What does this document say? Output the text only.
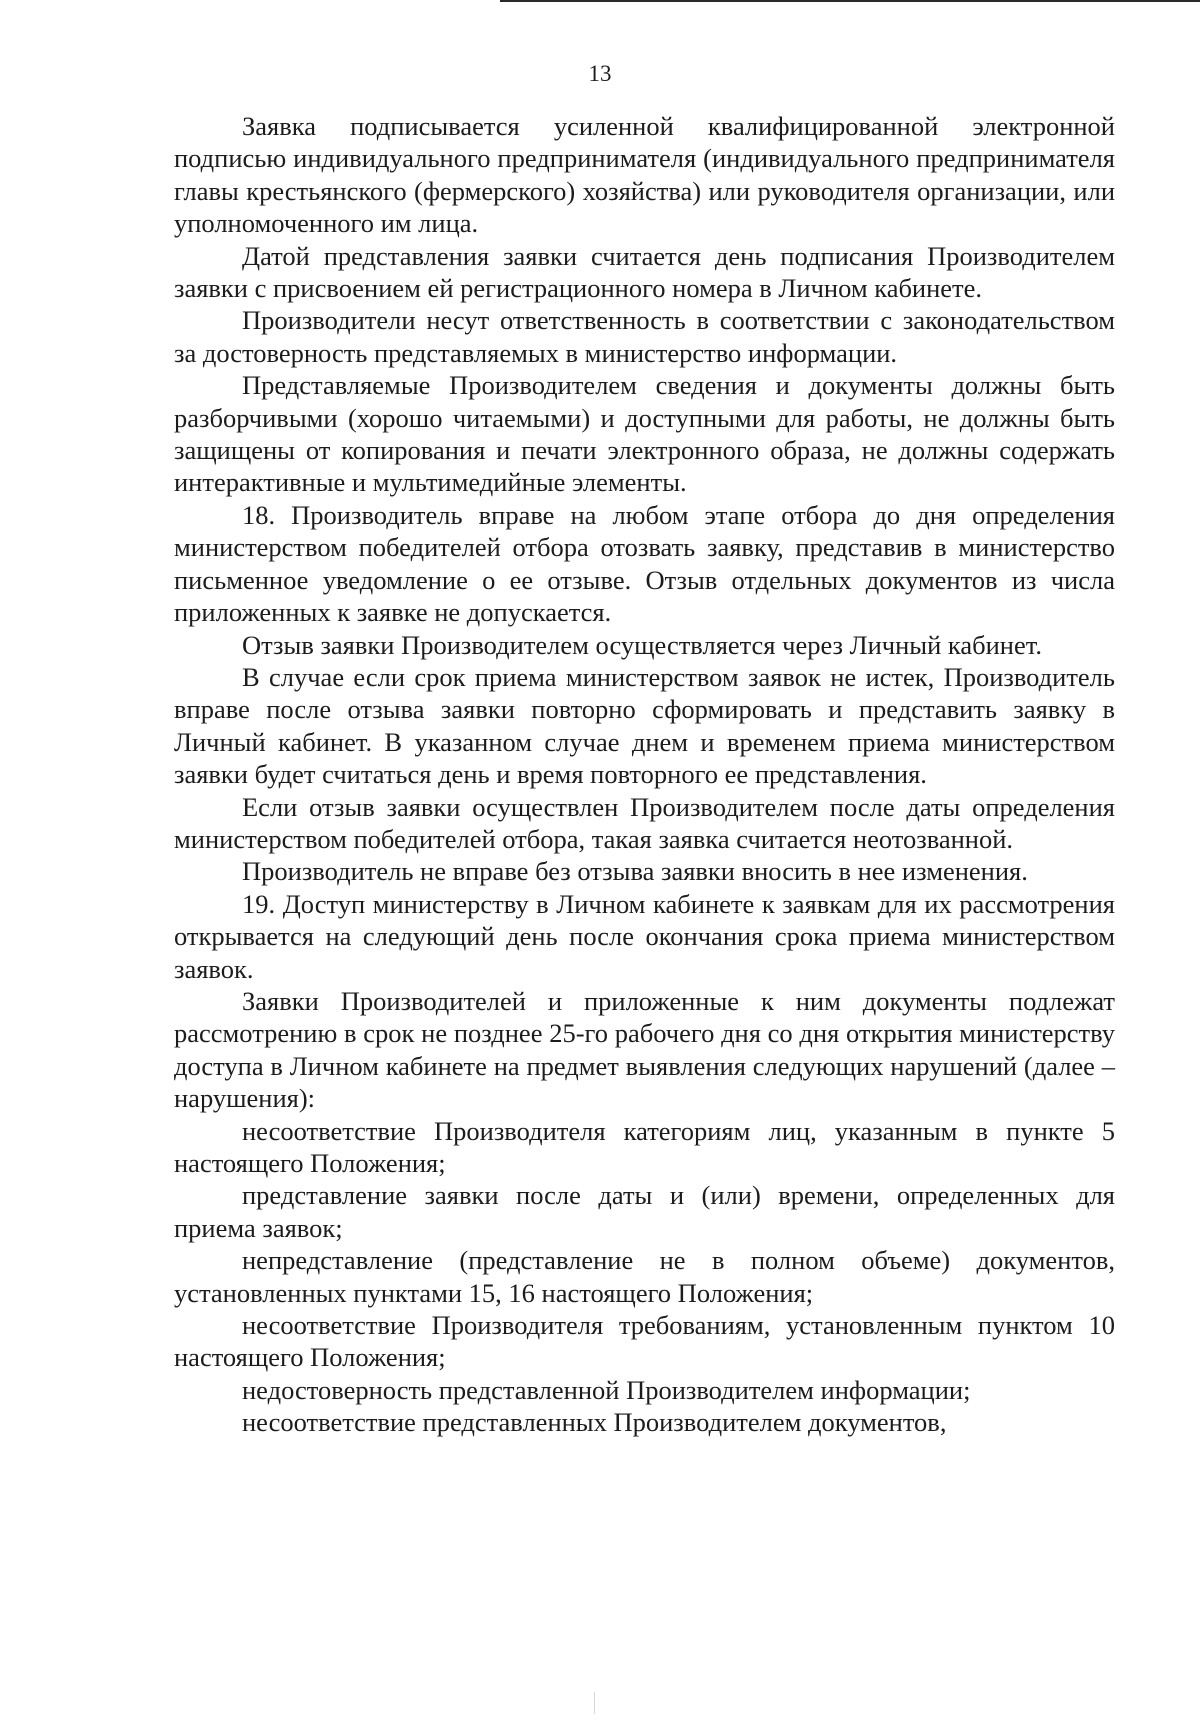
13

Заявка подписывается усиленной квалифицированной электронной подписью индивидуального предпринимателя (индивидуального предпринимателя главы крестьянского (фермерского) хозяйства) или руководителя организации, или уполномоченного им лица.

Датой представления заявки считается день подписания Производителем заявки с присвоением ей регистрационного номера в Личном кабинете.

Производители несут ответственность в соответствии с законодательством за достоверность представляемых в министерство информации.

Представляемые Производителем сведения и документы должны быть разборчивыми (хорошо читаемыми) и доступными для работы, не должны быть защищены от копирования и печати электронного образа, не должны содержать интерактивные и мультимедийные элементы.

18. Производитель вправе на любом этапе отбора до дня определения министерством победителей отбора отозвать заявку, представив в министерство письменное уведомление о ее отзыве. Отзыв отдельных документов из числа приложенных к заявке не допускается.

Отзыв заявки Производителем осуществляется через Личный кабинет.

В случае если срок приема министерством заявок не истек, Производитель вправе после отзыва заявки повторно сформировать и представить заявку в Личный кабинет. В указанном случае днем и временем приема министерством заявки будет считаться день и время повторного ее представления.

Если отзыв заявки осуществлен Производителем после даты определения министерством победителей отбора, такая заявка считается неотозванной.

Производитель не вправе без отзыва заявки вносить в нее изменения.

19. Доступ министерству в Личном кабинете к заявкам для их рассмотрения открывается на следующий день после окончания срока приема министерством заявок.

Заявки Производителей и приложенные к ним документы подлежат рассмотрению в срок не позднее 25-го рабочего дня со дня открытия министерству доступа в Личном кабинете на предмет выявления следующих нарушений (далее – нарушения):

несоответствие Производителя категориям лиц, указанным в пункте 5 настоящего Положения;

представление заявки после даты и (или) времени, определенных для приема заявок;

непредставление (представление не в полном объеме) документов, установленных пунктами 15, 16 настоящего Положения;

несоответствие Производителя требованиям, установленным пунктом 10 настоящего Положения;

недостоверность представленной Производителем информации;

несоответствие представленных Производителем документов,
